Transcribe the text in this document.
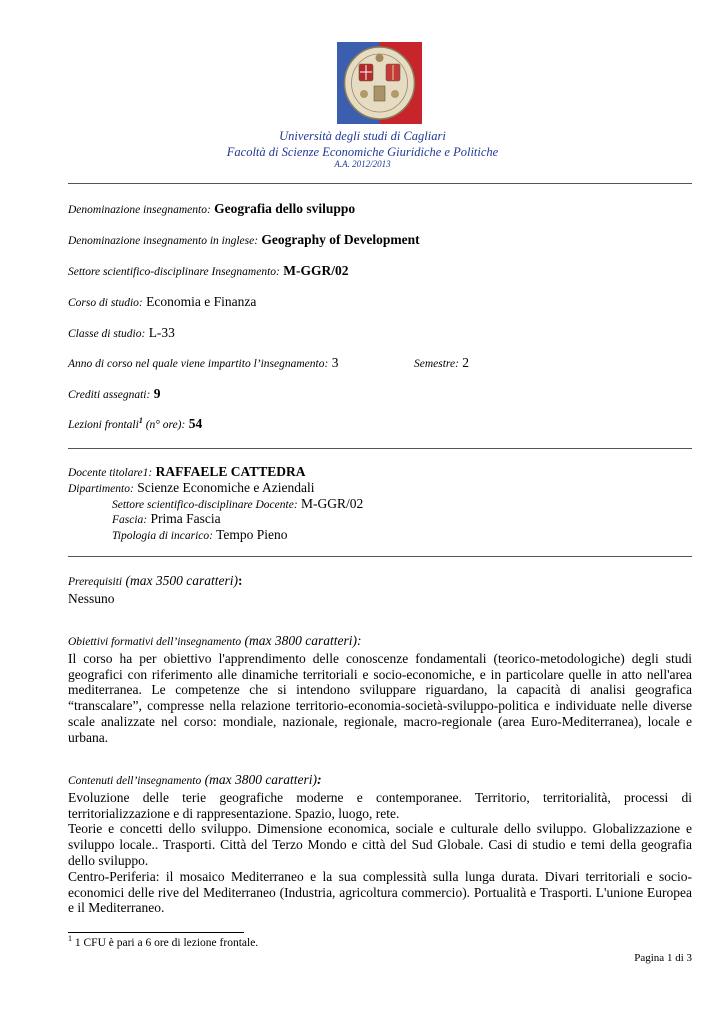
Università degli studi di Cagliari
Facoltà di Scienze Economiche Giuridiche e Politiche
A.A. 2012/2013
Denominazione insegnamento: Geografia dello sviluppo
Denominazione insegnamento in inglese: Geography of Development
Settore scientifico-disciplinare Insegnamento: M-GGR/02
Corso di studio: Economia e Finanza
Classe di studio: L-33
Anno di corso nel quale viene impartito l’insegnamento: 3	Semestre: 2
Crediti assegnati: 9
Lezioni frontali$^1$ (n° ore): 54
Docente titolare1: RAFFAELE CATTEDRA
Dipartimento: Scienze Economiche e Aziendali
Settore scientifico-disciplinare Docente: M-GGR/02
Fascia: Prima Fascia
Tipologia di incarico: Tempo Pieno

Prerequisiti (max 3500 caratteri):

Nessuno

Obiettivi formativi dell’insegnamento (max 3800 caratteri):

Il corso ha per obiettivo l'apprendimento delle conoscenze fondamentali (teorico-metodologiche) degli studi geografici con riferimento alle dinamiche territoriali e socio-economiche, e in particolare quelle in atto nell'area mediterranea. Le competenze che si intendono sviluppare riguardano, la capacità di analisi geografica “transcalare”, compresse nella relazione territorio-economia-società-sviluppo-politica e individuate nelle diverse scale analizzate nel corso: mondiale, nazionale, regionale, macro-regionale (area Euro-Mediterranea), locale e urbana.

Contenuti dell’insegnamento (max 3800 caratteri):

Evoluzione delle terie geografiche moderne e contemporanee. Territorio, territorialità, processi di territorializzazione e di rappresentazione. Spazio, luogo, rete.

Teorie e concetti dello sviluppo. Dimensione economica, sociale e culturale dello sviluppo. Globalizzazione e sviluppo locale.. Trasporti. Città del Terzo Mondo e città del Sud Globale. Casi di studio e temi della geografia dello sviluppo.

Centro-Periferia: il mosaico Mediterraneo e la sua complessità sulla lunga durata. Divari territoriali e socio-economici delle rive del Mediterraneo (Industria, agricoltura commercio). Portualità e Trasporti. L'unione Europea e il Mediterraneo.

$^1$ 1 CFU è pari a 6 ore di lezione frontale.
Pagina 1 di 3
